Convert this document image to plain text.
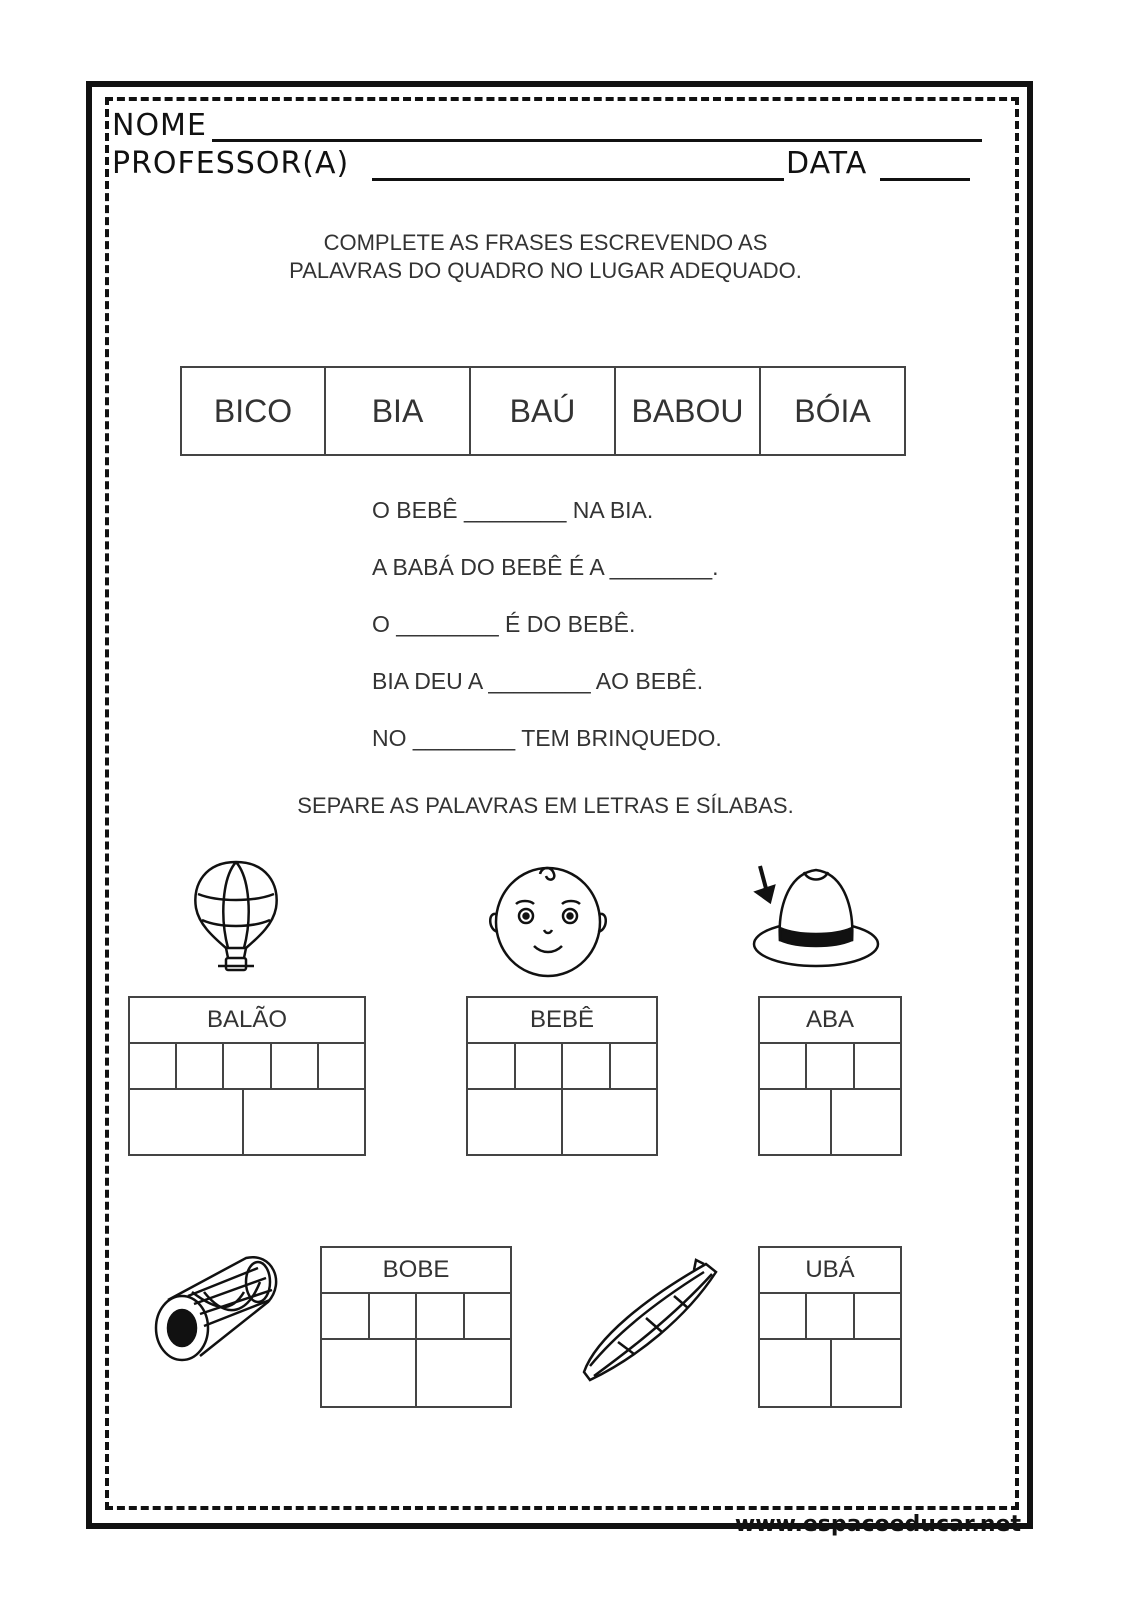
NOME
PROFESSOR(A)	DATA
COMPLETE AS FRASES ESCREVENDO AS
PALAVRAS DO QUADRO NO LUGAR ADEQUADO.
BICO	BIA	BAÚ	BABOU	BÓIA
O BEBÊ ________ NA BIA.
A BABÁ DO BEBÊ É A ________.
O ________ É DO BEBÊ.
BIA DEU A ________ AO BEBÊ.
NO ________ TEM BRINQUEDO.
SEPARE AS PALAVRAS EM LETRAS E SÍLABAS.
BALÃO	BEBÊ	ABA
BOBE	UBÁ
www.espacoeducar.net
